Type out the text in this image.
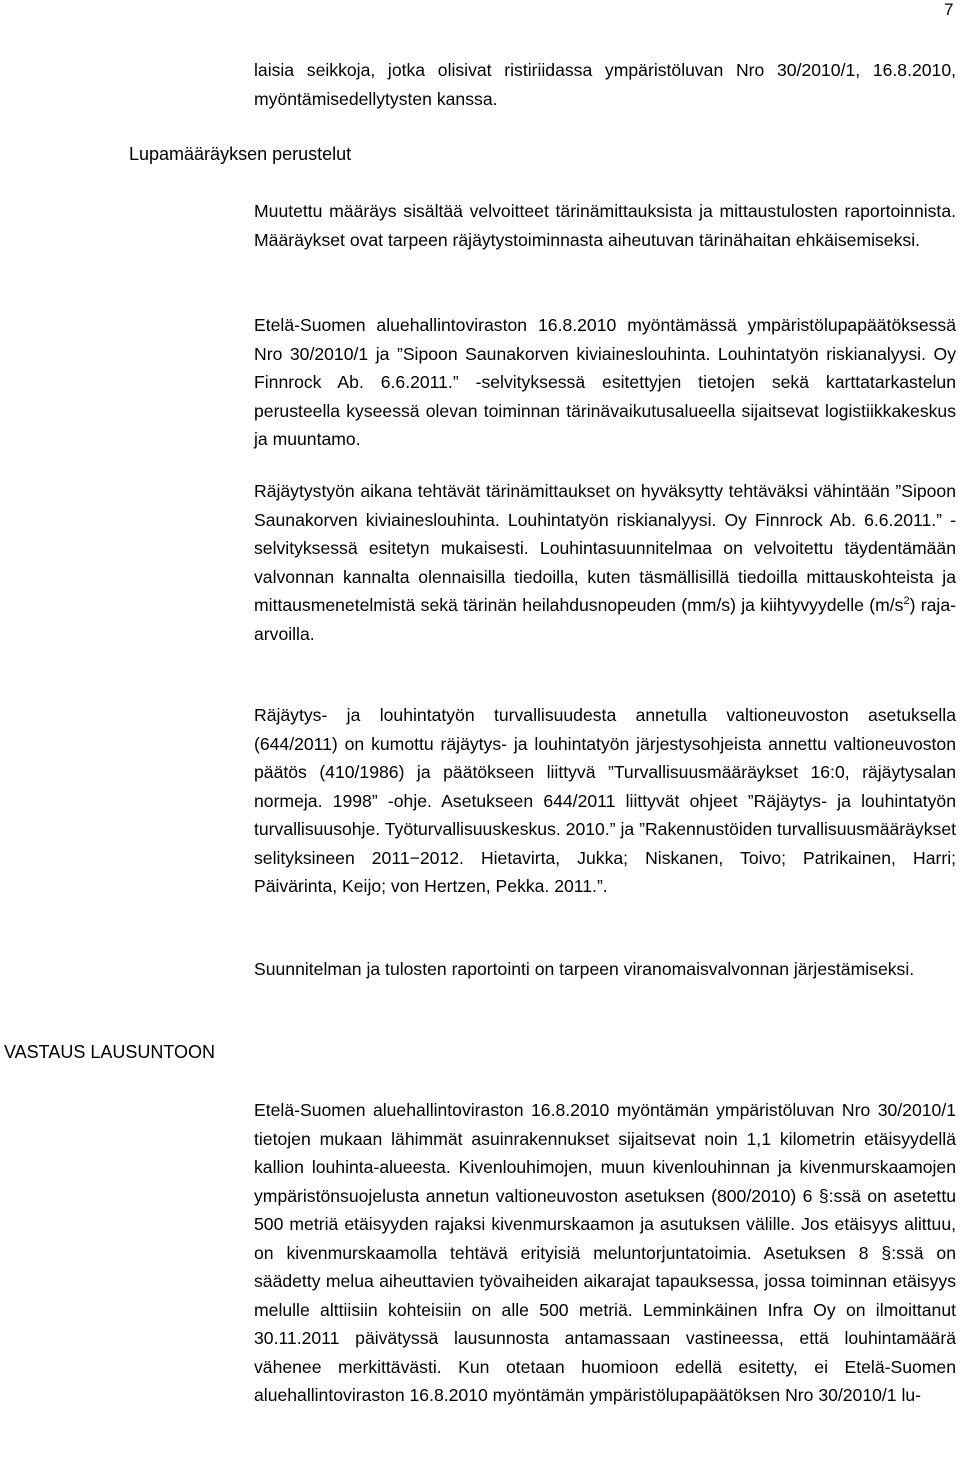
7
Lupamääräyksen perustelut
VASTAUS LAUSUNTOON
laisia seikkoja, jotka olisivat ristiriidassa ympäristöluvan Nro 30/2010/1, 16.8.2010, myöntämisedellytysten kanssa.
Muutettu määräys sisältää velvoitteet tärinämittauksista ja mittaustulosten raportoinnista. Määräykset ovat tarpeen räjäytystoiminnasta aiheutuvan tärinähaitan ehkäisemiseksi.
Etelä-Suomen aluehallintoviraston 16.8.2010 myöntämässä ympäristölupapäätöksessä Nro 30/2010/1 ja ”Sipoon Saunakorven kiviaineslouhinta. Louhintatyön riskianalyysi. Oy Finnrock Ab. 6.6.2011.” -selvityksessä esitettyjen tietojen sekä karttatarkastelun perusteella kyseessä olevan toiminnan tärinävaikutusalueella sijaitsevat logistiikkakeskus ja muuntamo.
Räjäytystyön aikana tehtävät tärinämittaukset on hyväksytty tehtäväksi vähintään ”Sipoon Saunakorven kiviaineslouhinta. Louhintatyön riskianalyysi. Oy Finnrock Ab. 6.6.2011.” -selvityksessä esitetyn mukaisesti. Louhintasuunnitelmaa on velvoitettu täydentämään valvonnan kannalta olennaisilla tiedoilla, kuten täsmällisillä tiedoilla mittauskohteista ja mittausmenetelmistä sekä tärinän heilahdusnopeuden (mm/s) ja kiihtyvyydelle $(m/s^2)$ rajaarvoilla.
Räjäytys- ja louhintatyön turvallisuudesta annetulla valtioneuvoston asetuksella (644/2011) on kumottu räjäytys- ja louhintatyön järjestysohjeista annettu valtioneuvoston päätös (410/1986) ja päätökseen liittyvä ”Turvallisuusmääräykset 16:0, räjäytysalan normeja. 1998” -ohje. Asetukseen 644/2011 liittyvät ohjeet ”Räjäytys- ja louhintatyön turvallisuusohje. Työturvallisuuskeskus. 2010.” ja ”Rakennustöiden turvallisuusmääräykset selityksineen 2011−2012. Hietavirta, Jukka; Niskanen, Toivo; Patrikainen, Harri; Päivärinta, Keijo; von Hertzen, Pekka. 2011.”.
Suunnitelman ja tulosten raportointi on tarpeen viranomaisvalvonnan järjestämiseksi.
Etelä-Suomen aluehallintoviraston 16.8.2010 myöntämän ympäristöluvan Nro 30/2010/1 tietojen mukaan lähimmät asuinrakennukset sijaitsevat noin 1,1 kilometrin etäisyydellä kallion louhinta-alueesta. Kivenlouhimojen, muun kivenlouhinnan ja kivenmurskaamojen ympäristönsuojelusta annetun valtioneuvoston asetuksen (800/2010) 6 §:ssä on asetettu 500 metriä etäisyyden rajaksi kivenmurskaamon ja asutuksen välille. Jos etäisyys alittuu, on kivenmurskaamolla tehtävä erityisiä meluntorjuntatoimia. Asetuksen 8 §:ssä on säädetty melua aiheuttavien työvaiheiden aikarajat tapauksessa, jossa toiminnan etäisyys melulle alttiisiin kohteisiin on alle 500 metriä. Lemminkäinen Infra Oy on ilmoittanut 30.11.2011 päivätyssä lausunnosta antamassaan vastineessa, että louhintamäärä vähenee merkittävästi. Kun otetaan huomioon edellä esitetty, ei Etelä-Suomen aluehallintoviraston 16.8.2010 myöntämän ympäristölupapäätöksen Nro 30/2010/1 lu-
